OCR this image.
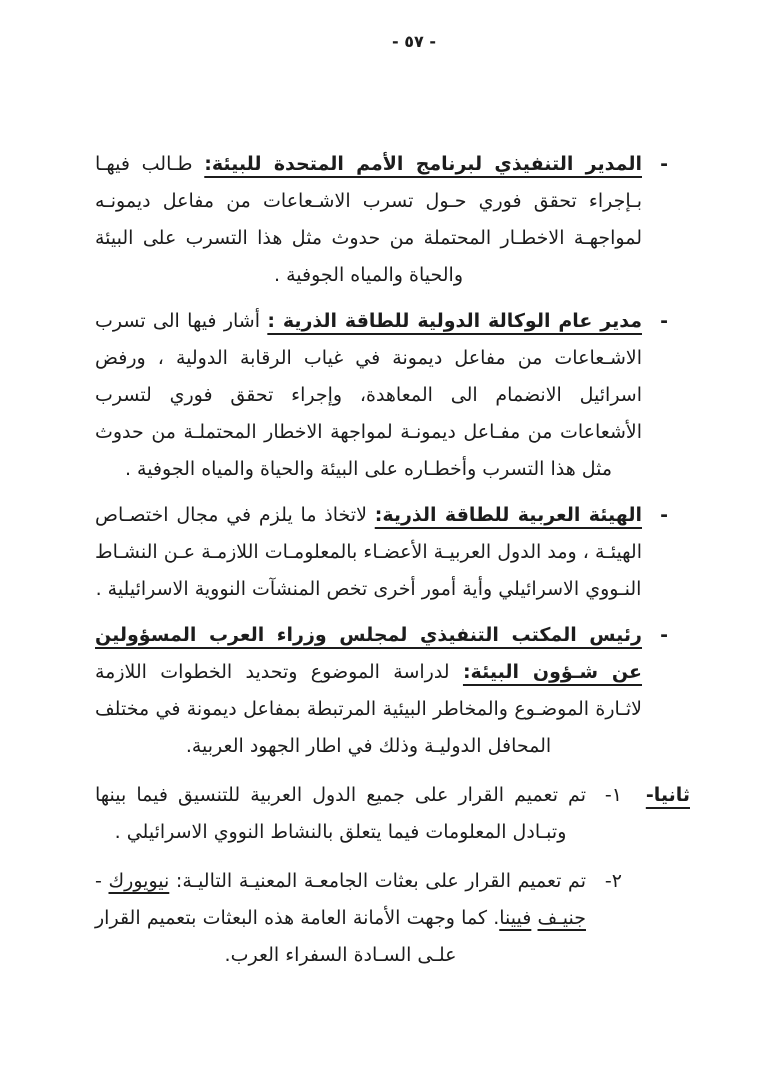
- ٥٧ -
-
المدير التنفيذي لبرنامج الأمم المتحدة للبيئة: طـالب فيهـا بـإجراء تحقق فوري حـول تسرب الاشـعاعات من مفاعل ديمونـه لمواجهـة الاخطـار المحتملة من حدوث مثل هذا التسرب على البيئة والحياة والمياه الجوفية .
-
مدير عام الوكالة الدولية للطاقة الذرية : أشار فيها الى تسرب الاشـعاعات من مفاعل ديمونة في غياب الرقابة الدولية ، ورفض اسرائيل الانضمام الى المعاهدة، وإجراء تحقق فوري لتسرب الأشعاعات من مفـاعل ديمونـة لمواجهة الاخطار المحتملـة من حدوث مثل هذا التسرب وأخطـاره على البيئة والحياة والمياه الجوفية .
-
الهيئة العربية للطاقة الذرية: لاتخاذ ما يلزم في مجال اختصـاص الهيئـة ، ومد الدول العربيـة الأعضـاء بالمعلومـات اللازمـة عـن النشـاط النـووي الاسرائيلي وأية أمور أخرى تخص المنشآت النووية الاسرائيلية .
-
رئيس المكتب التنفيذي لمجلس وزراء العرب المسؤولين عن شـؤون البيئة: لدراسة الموضوع وتحديد الخطوات اللازمة لاثـارة الموضـوع والمخاطر البيئية المرتبطة بمفاعل ديمونة في مختلف المحافل الدوليـة وذلك في اطار الجهود العربية.
ثانيا-
١-
تم تعميم القرار على جميع الدول العربية للتنسيق فيما بينها وتبـادل المعلومات فيما يتعلق بالنشاط النووي الاسرائيلي .
٢-
تم تعميم القرار على بعثات الجامعـة المعنيـة التاليـة: نيويورك - جنيـف فيينا. كما وجهت الأمانة العامة هذه البعثات بتعميم القرار علـى السـادة السفراء العرب.
